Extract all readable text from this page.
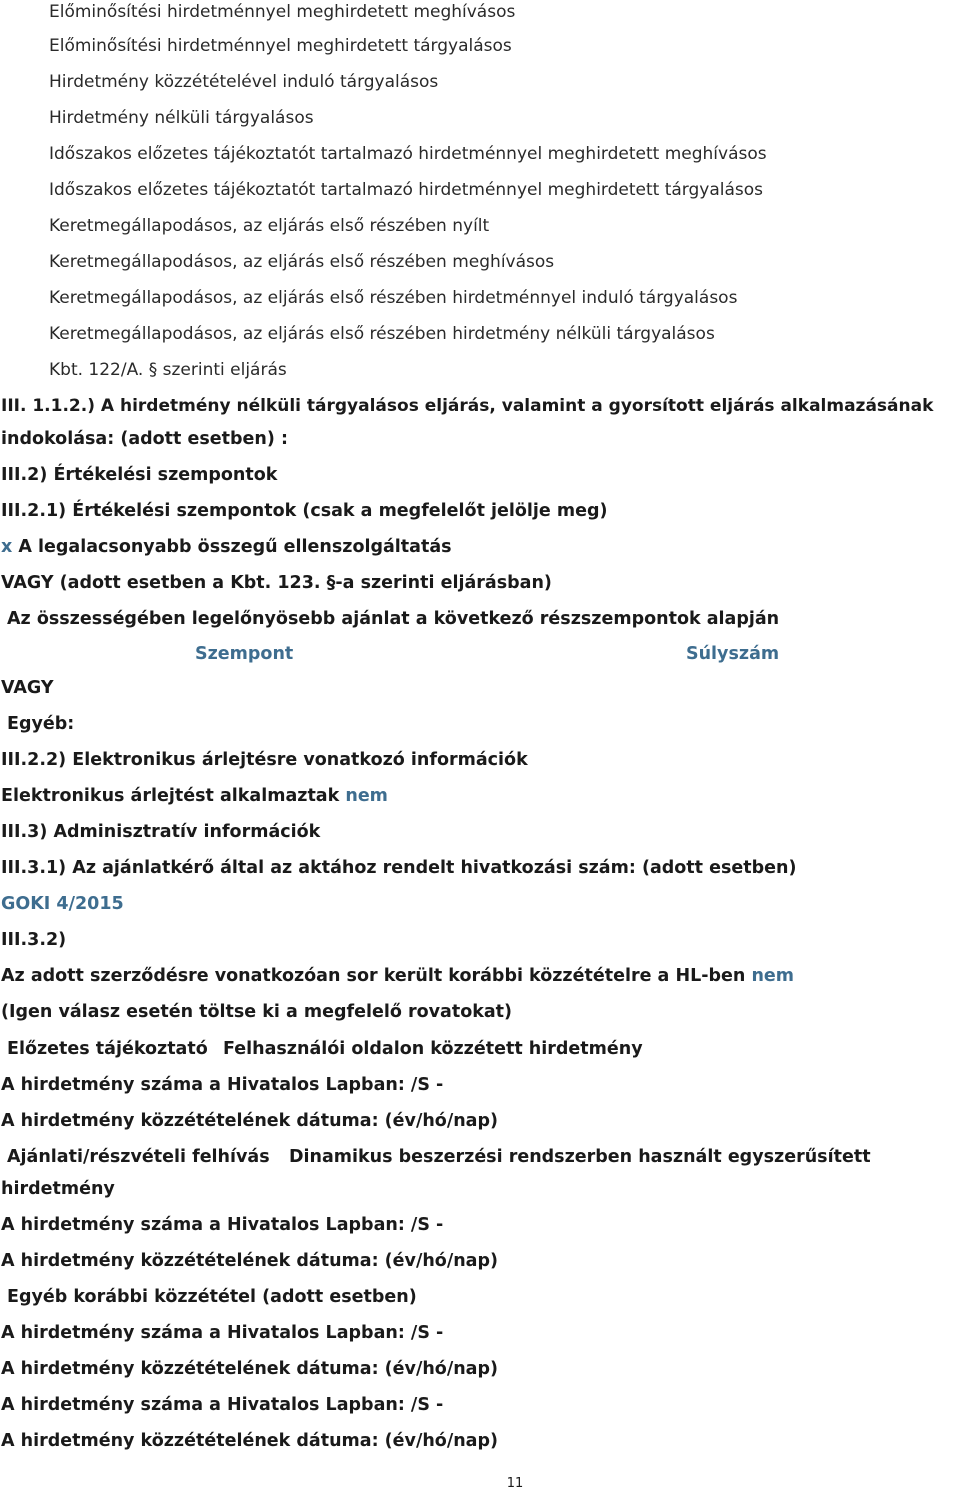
Előminősítési hirdetménnyel meghirdetett meghívásos
Előminősítési hirdetménnyel meghirdetett tárgyalásos
Hirdetmény közzétételével induló tárgyalásos
Hirdetmény nélküli tárgyalásos
Időszakos előzetes tájékoztatót tartalmazó hirdetménnyel meghirdetett meghívásos
Időszakos előzetes tájékoztatót tartalmazó hirdetménnyel meghirdetett tárgyalásos
Keretmegállapodásos, az eljárás első részében nyílt
Keretmegállapodásos, az eljárás első részében meghívásos
Keretmegállapodásos, az eljárás első részében hirdetménnyel induló tárgyalásos
Keretmegállapodásos, az eljárás első részében hirdetmény nélküli tárgyalásos
Kbt. 122/A. § szerinti eljárás
III. 1.1.2.) A hirdetmény nélküli tárgyalásos eljárás, valamint a gyorsított eljárás alkalmazásának
indokolása: (adott esetben) :
III.2) Értékelési szempontok
III.2.1) Értékelési szempontok (csak a megfelelőt jelölje meg)
x A legalacsonyabb összegű ellenszolgáltatás
VAGY (adott esetben a Kbt. 123. §-a szerinti eljárásban)
Az összességében legelőnyösebb ajánlat a következő részszempontok alapján
Szempont	Súlyszám
VAGY
Egyéb:
III.2.2) Elektronikus árlejtésre vonatkozó információk
Elektronikus árlejtést alkalmaztak nem
III.3) Adminisztratív információk
III.3.1) Az ajánlatkérő által az aktához rendelt hivatkozási szám: (adott esetben)
GOKI 4/2015
III.3.2)
Az adott szerződésre vonatkozóan sor került korábbi közzétételre a HL-ben nem
(Igen válasz esetén töltse ki a megfelelő rovatokat)
Előzetes tájékoztató Felhasználói oldalon közzétett hirdetmény
A hirdetmény száma a Hivatalos Lapban: /S -
A hirdetmény közzétételének dátuma: (év/hó/nap)
Ajánlati/részvételi felhívás Dinamikus beszerzési rendszerben használt egyszerűsített
hirdetmény
A hirdetmény száma a Hivatalos Lapban: /S -
A hirdetmény közzétételének dátuma: (év/hó/nap)
Egyéb korábbi közzététel (adott esetben)
A hirdetmény száma a Hivatalos Lapban: /S -
A hirdetmény közzétételének dátuma: (év/hó/nap)
A hirdetmény száma a Hivatalos Lapban: /S -
A hirdetmény közzétételének dátuma: (év/hó/nap)
11
